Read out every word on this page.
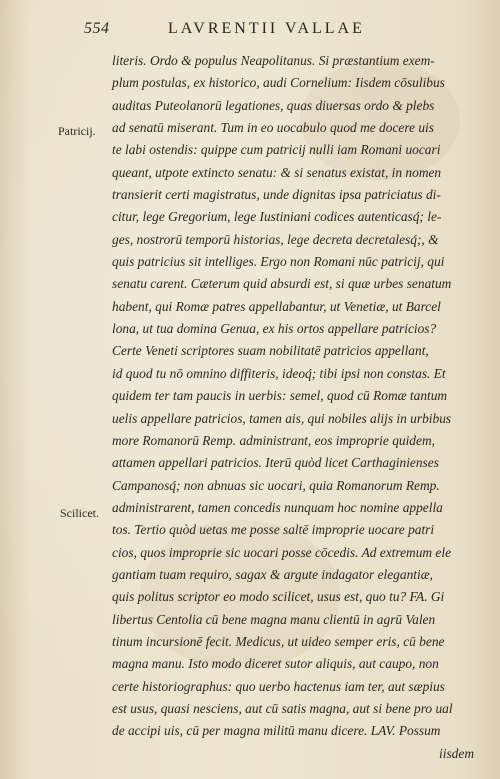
554	LAVRENTII VALLAE
Patricij.
Scilicet.
literis. Ordo & populus Neapolitanus. Si præstantium exem-
plum postulas, ex historico, audi Cornelium: Iisdem cōsulibus
auditas Puteolanorū legationes, quas diuersas ordo & plebs
ad senatū miserant. Tum in eo uocabulo quod me docere uis
te labi ostendis: quippe cum patricij nulli iam Romani uocari
queant, utpote extincto senatu: & si senatus existat, in nomen
transierit certi magistratus, unde dignitas ipsa patriciatus di-
citur, lege Gregorium, lege Iustiniani codices autenticasq́; le-
ges, nostrorū temporū historias, lege decreta decretalesq́;, &
quis patricius sit intelliges. Ergo non Romani nūc patricij, qui
senatu carent. Cæterum quid absurdi est, si quæ urbes senatum
habent, qui Romæ patres appellabantur, ut Venetiæ, ut Barcel
lona, ut tua domina Genua, ex his ortos appellare patricios?
Certe Veneti scriptores suam nobilitatē patricios appellant,
id quod tu nō omnino diffiteris, ideoq́; tibi ipsi non constas. Et
quidem ter tam paucis in uerbis: semel, quod cū Romæ tantum
uelis appellare patricios, tamen ais, qui nobiles alijs in urbibus
more Romanorū Remp. administrant, eos improprie quidem,
attamen appellari patricios. Iterū quòd licet Carthaginienses
Campanosq́; non abnuas sic uocari, quia Romanorum Remp.
administrarent, tamen concedis nunquam hoc nomine appella
tos. Tertio quòd uetas me posse saltē improprie uocare patri
cios, quos improprie sic uocari posse cōcedis. Ad extremum ele
gantiam tuam requiro, sagax & argute indagator elegantiæ,
quis politus scriptor eo modo scilicet, usus est, quo tu? FA. Gi
libertus Centolia cū bene magna manu clientū in agrū Valen
tinum incursionē fecit. Medicus, ut uideo semper eris, cū bene
magna manu. Isto modo diceret sutor aliquis, aut caupo, non
certe historiographus: quo uerbo hactenus iam ter, aut sæpius
est usus, quasi nesciens, aut cū satis magna, aut si bene pro ual
de accipi uis, cū per magna militū manu dicere. LAV. Possum
iisdem
